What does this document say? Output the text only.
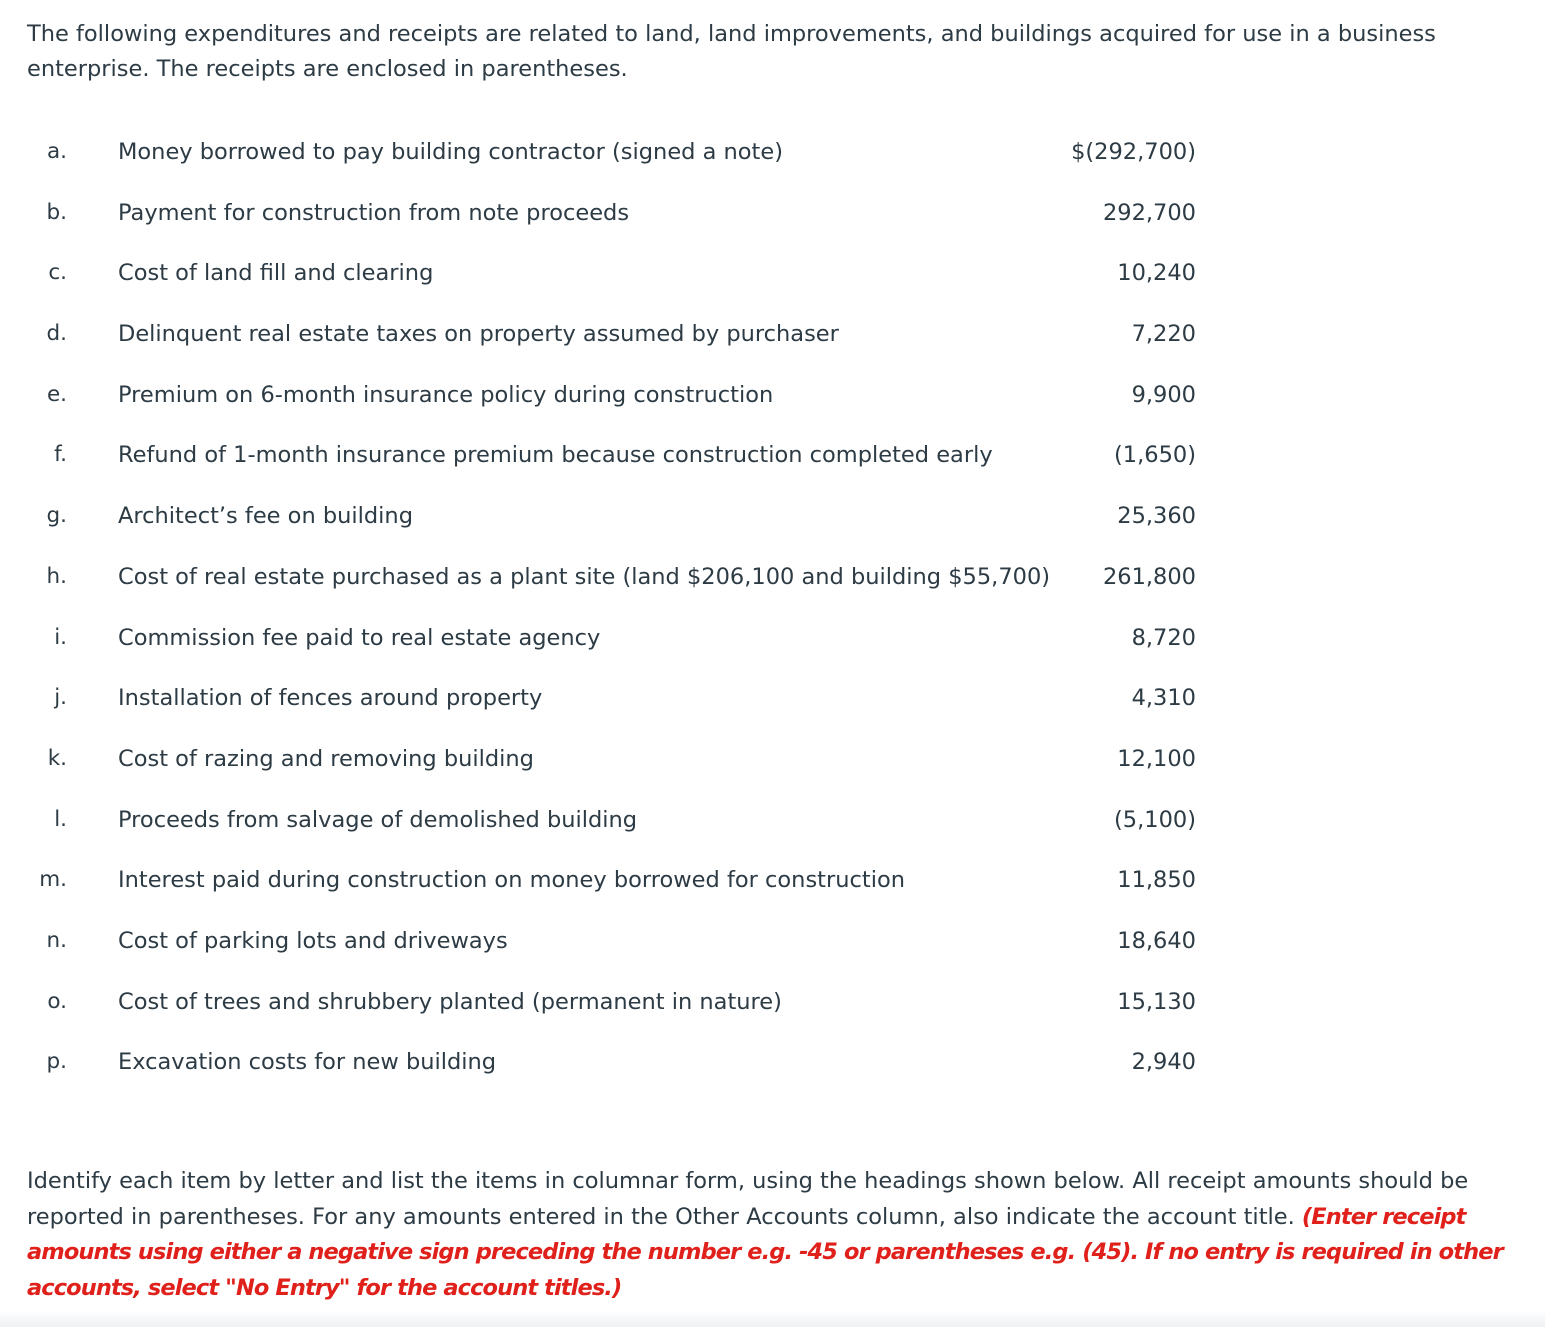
The following expenditures and receipts are related to land, land improvements, and buildings acquired for use in a business enterprise. The receipts are enclosed in parentheses.

a. Money borrowed to pay building contractor (signed a note)	$(292,700)
b. Payment for construction from note proceeds	292,700
c. Cost of land fill and clearing	10,240
d. Delinquent real estate taxes on property assumed by purchaser	7,220
e. Premium on 6-month insurance policy during construction	9,900
f. Refund of 1-month insurance premium because construction completed early	(1,650)
g. Architect’s fee on building	25,360
h. Cost of real estate purchased as a plant site (land $206,100 and building $55,700) 261,800
i. Commission fee paid to real estate agency	8,720
j. Installation of fences around property	4,310
k. Cost of razing and removing building	12,100
l. Proceeds from salvage of demolished building	(5,100)
m. Interest paid during construction on money borrowed for construction	11,850
n. Cost of parking lots and driveways	18,640
o. Cost of trees and shrubbery planted (permanent in nature)	15,130
p. Excavation costs for new building	2,940

Identify each item by letter and list the items in columnar form, using the headings shown below. All receipt amounts should be reported in parentheses. For any amounts entered in the Other Accounts column, also indicate the account title. (Enter receipt amounts using either a negative sign preceding the number e.g. -45 or parentheses e.g. (45). If no entry is required in other accounts, select "No Entry" for the account titles.)
